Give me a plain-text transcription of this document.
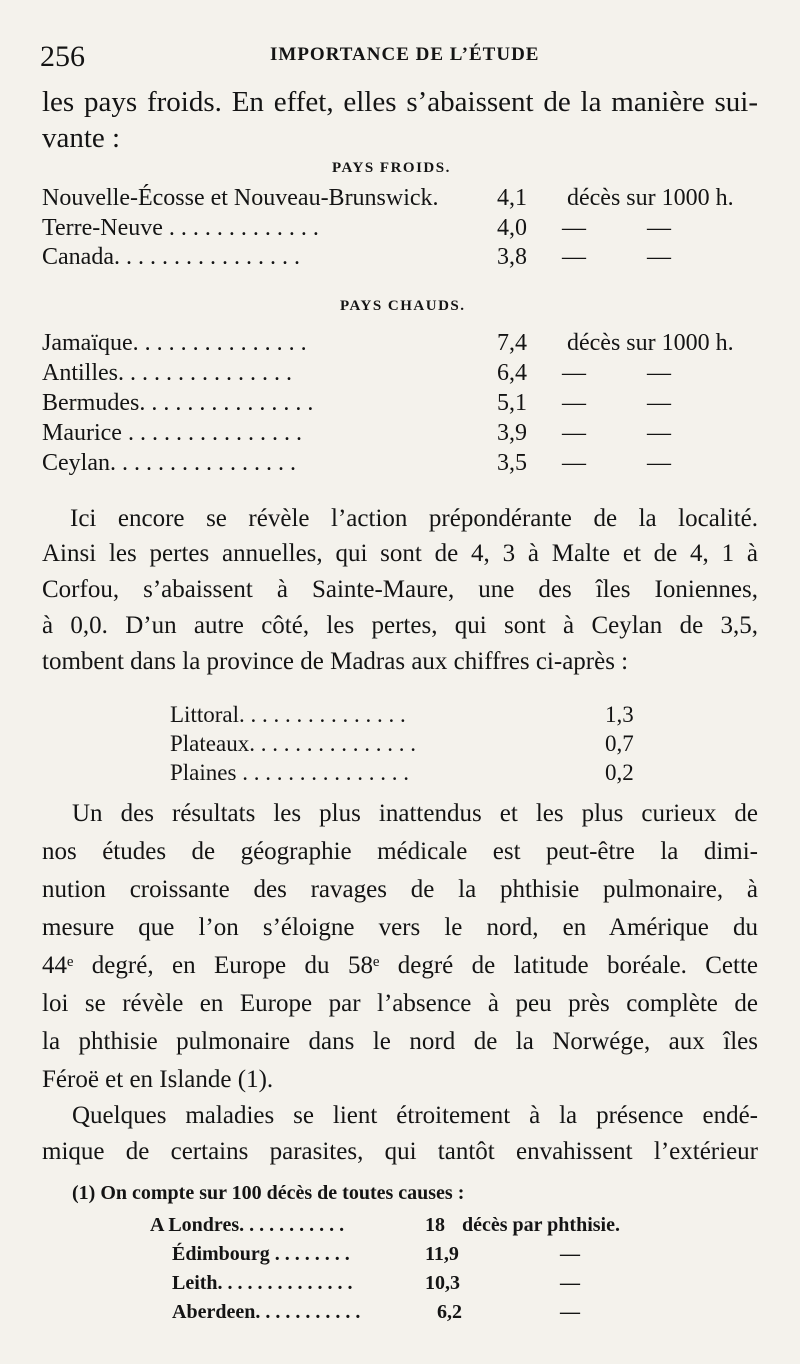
256	IMPORTANCE DE L’ÉTUDE
les pays froids. En effet, elles s’abaissent de la manière sui-
vante :
PAYS FROIDS.
Nouvelle-Écosse et Nouveau-Brunswick. 4,1 décès sur 1000 h.
Terre-Neuve . . . . . . . . . . . . .	4,0 —	—
Canada. . . . . . . . . . . . . . . .	3,8 —	—
PAYS CHAUDS.
Jamaïque. . . . . . . . . . . . . . .	7,4 décès sur 1000 h.
Antilles. . . . . . . . . . . . . . .	6,4 —	—
Bermudes. . . . . . . . . . . . . . .	5,1 —	—
Maurice . . . . . . . . . . . . . . .	3,9 —	—
Ceylan. . . . . . . . . . . . . . . .	3,5 —	—
Ici encore se révèle l’action prépondérante de la localité.
Ainsi les pertes annuelles, qui sont de 4, 3 à Malte et de 4, 1 à
Corfou, s’abaissent à Sainte-Maure, une des îles Ioniennes,
à 0,0. D’un autre côté, les pertes, qui sont à Ceylan de 3,5,
tombent dans la province de Madras aux chiffres ci-après :
Littoral. . . . . . . . . . . . . . .	1,3
Plateaux. . . . . . . . . . . . . . .	0,7
Plaines . . . . . . . . . . . . . . .	0,2
Un des résultats les plus inattendus et les plus curieux de
nos études de géographie médicale est peut-être la dimi-
nution croissante des ravages de la phthisie pulmonaire, à
mesure que l’on s’éloigne vers le nord, en Amérique du
44ᵉ degré, en Europe du 58ᵉ degré de latitude boréale. Cette
loi se révèle en Europe par l’absence à peu près complète de
la phthisie pulmonaire dans le nord de la Norwége, aux îles
Féroë et en Islande (1).
Quelques maladies se lient étroitement à la présence endé-
mique de certains parasites, qui tantôt envahissent l’extérieur
(1) On compte sur 100 décès de toutes causes :
A Londres. . . . . . . . . . .	18 décès par phthisie.
Édimbourg . . . . . . . .	11,9	—
Leith. . . . . . . . . . . . . .	10,3	—
Aberdeen. . . . . . . . . . .	6,2	—
